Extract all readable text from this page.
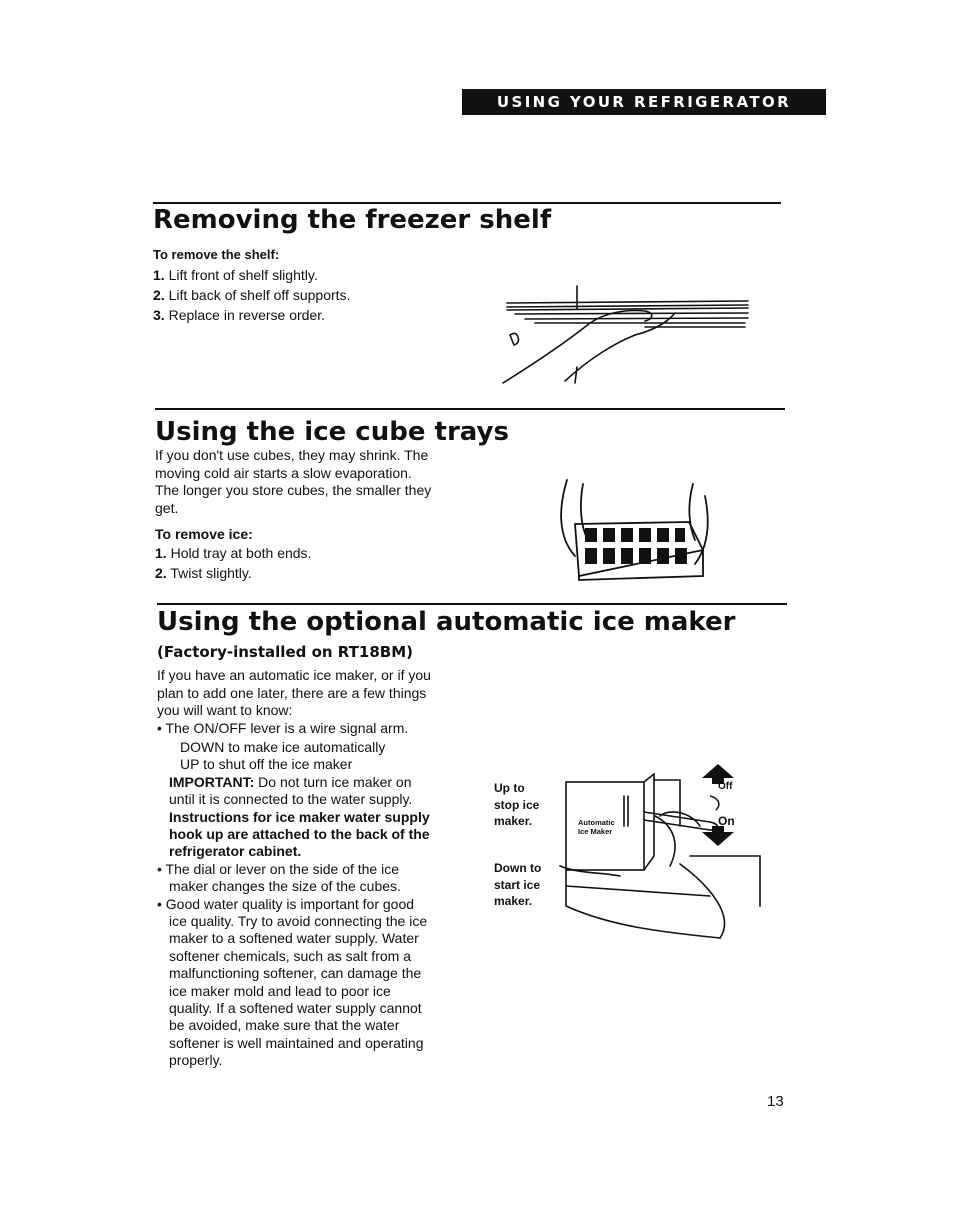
USING YOUR REFRIGERATOR
Removing the freezer shelf

To remove the shelf:

1. Lift front of shelf slightly.
2. Lift back of shelf off supports.
3. Replace in reverse order.
Using the ice cube trays

If you don't use cubes, they may shrink. The

moving cold air starts a slow evaporation.

The longer you store cubes, the smaller they

get.

To remove ice:

1. Hold tray at both ends.
2. Twist slightly.
Using the optional automatic ice maker

(Factory-installed on RT18BM)

If you have an automatic ice maker, or if you

plan to add one later, there are a few things

you will want to know:

• The ON/OFF lever is a wire signal arm.

DOWN to make ice automatically

UP to shut off the ice maker

IMPORTANT: Do not turn ice maker on

until it is connected to the water supply.

Instructions for ice maker water supply

hook up are attached to the back of the

refrigerator cabinet.

• The dial or lever on the side of the ice

maker changes the size of the cubes.

• Good water quality is important for good

ice quality. Try to avoid connecting the ice

maker to a softened water supply. Water

softener chemicals, such as salt from a

malfunctioning softener, can damage the

ice maker mold and lead to poor ice

quality. If a softened water supply cannot

be avoided, make sure that the water

softener is well maintained and operating

properly.

Up to

stop ice

maker.

Down to

start ice

maker.

Off
On
Automatic
Ice Maker
13
